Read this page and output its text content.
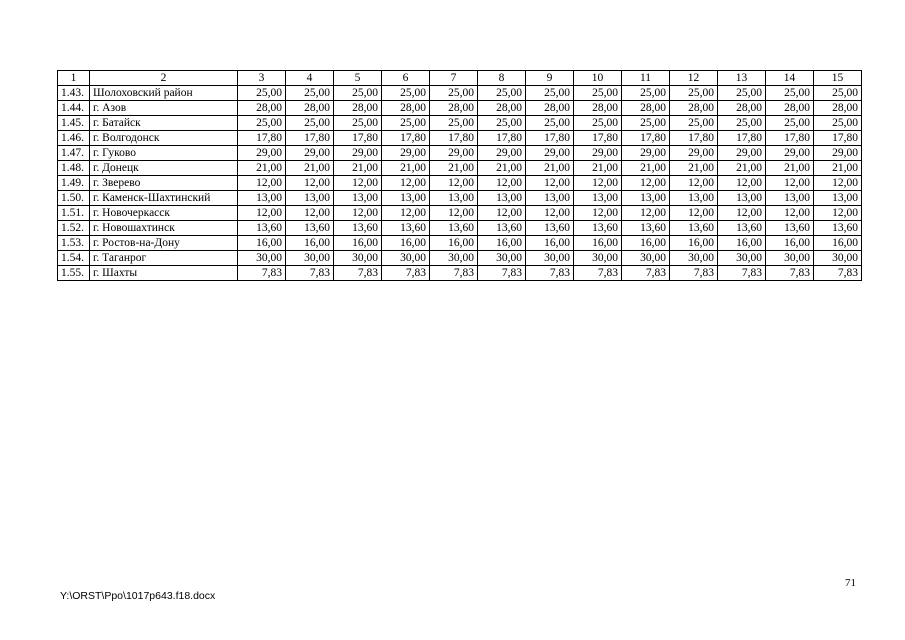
1	2	3	4	5	6	7	8	9	10	11	12	13	14	15
1.43.	Шолоховский район	25,00	25,00	25,00	25,00	25,00	25,00	25,00	25,00	25,00	25,00	25,00	25,00	25,00
1.44.	г. Азов	28,00	28,00	28,00	28,00	28,00	28,00	28,00	28,00	28,00	28,00	28,00	28,00	28,00
1.45.	г. Батайск	25,00	25,00	25,00	25,00	25,00	25,00	25,00	25,00	25,00	25,00	25,00	25,00	25,00
1.46.	г. Волгодонск	17,80	17,80	17,80	17,80	17,80	17,80	17,80	17,80	17,80	17,80	17,80	17,80	17,80
1.47.	г. Гуково	29,00	29,00	29,00	29,00	29,00	29,00	29,00	29,00	29,00	29,00	29,00	29,00	29,00
1.48.	г. Донецк	21,00	21,00	21,00	21,00	21,00	21,00	21,00	21,00	21,00	21,00	21,00	21,00	21,00
1.49.	г. Зверево	12,00	12,00	12,00	12,00	12,00	12,00	12,00	12,00	12,00	12,00	12,00	12,00	12,00
1.50.	г. Каменск-Шахтинский	13,00	13,00	13,00	13,00	13,00	13,00	13,00	13,00	13,00	13,00	13,00	13,00	13,00
1.51.	г. Новочеркасск	12,00	12,00	12,00	12,00	12,00	12,00	12,00	12,00	12,00	12,00	12,00	12,00	12,00
1.52.	г. Новошахтинск	13,60	13,60	13,60	13,60	13,60	13,60	13,60	13,60	13,60	13,60	13,60	13,60	13,60
1.53.	г. Ростов-на-Дону	16,00	16,00	16,00	16,00	16,00	16,00	16,00	16,00	16,00	16,00	16,00	16,00	16,00
1.54.	г. Таганрог	30,00	30,00	30,00	30,00	30,00	30,00	30,00	30,00	30,00	30,00	30,00	30,00	30,00
1.55.	г. Шахты	7,83	7,83	7,83	7,83	7,83	7,83	7,83	7,83	7,83	7,83	7,83	7,83	7,83
71
Y:\ORST\Ppo\1017p643.f18.docx
